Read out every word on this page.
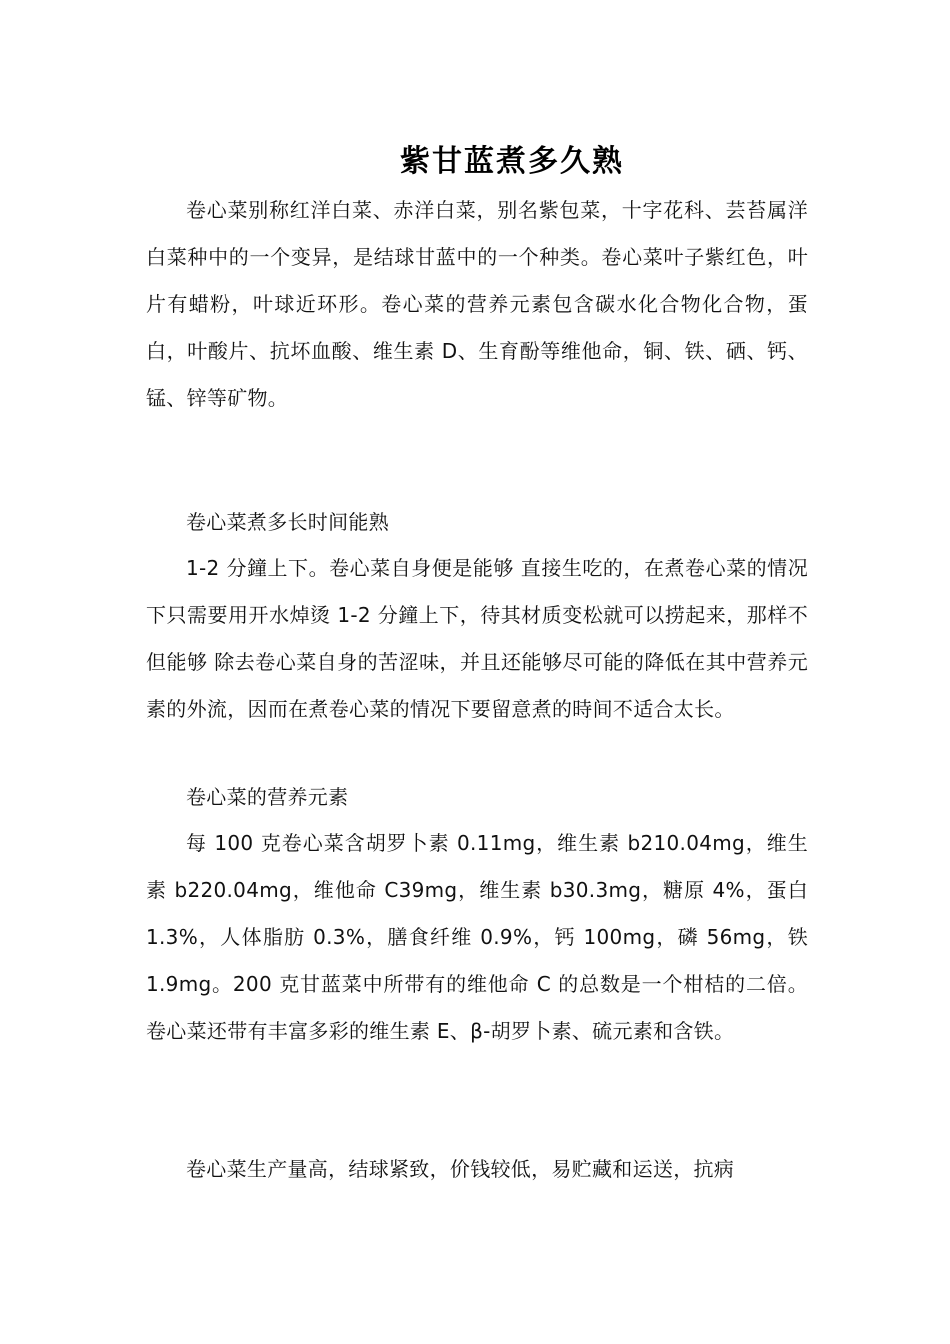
紫甘蓝煮多久熟

卷心菜别称红洋白菜、赤洋白菜，别名紫包菜，十字花科、芸苔属洋白菜种中的一个变异，是结球甘蓝中的一个种类。卷心菜叶子紫红色，叶片有蜡粉，叶球近环形。卷心菜的营养元素包含碳水化合物化合物，蛋白，叶酸片、抗坏血酸、维生素 D、生育酚等维他命，铜、铁、硒、钙、锰、锌等矿物。

卷心菜煮多长时间能熟

1-2 分鐘上下。卷心菜自身便是能够 直接生吃的，在煮卷心菜的情况下只需要用开水焯烫 1-2 分鐘上下，待其材质变松就可以捞起来，那样不但能够 除去卷心菜自身的苦涩味，并且还能够尽可能的降低在其中营养元素的外流，因而在煮卷心菜的情况下要留意煮的時间不适合太长。

卷心菜的营养元素

每 100 克卷心菜含胡罗卜素 0.11mg，维生素 b210.04mg，维生素 b220.04mg，维他命 C39mg，维生素 b30.3mg，糖原 4%，蛋白 1.3%，人体脂肪 0.3%，膳食纤维 0.9%，钙 100mg，磷 56mg，铁 1.9mg。200 克甘蓝菜中所带有的维他命 C 的总数是一个柑桔的二倍。卷心菜还带有丰富多彩的维生素 E、β-胡罗卜素、硫元素和含铁。

卷心菜生产量高，结球紧致，价钱较低，易贮藏和运送，抗病
